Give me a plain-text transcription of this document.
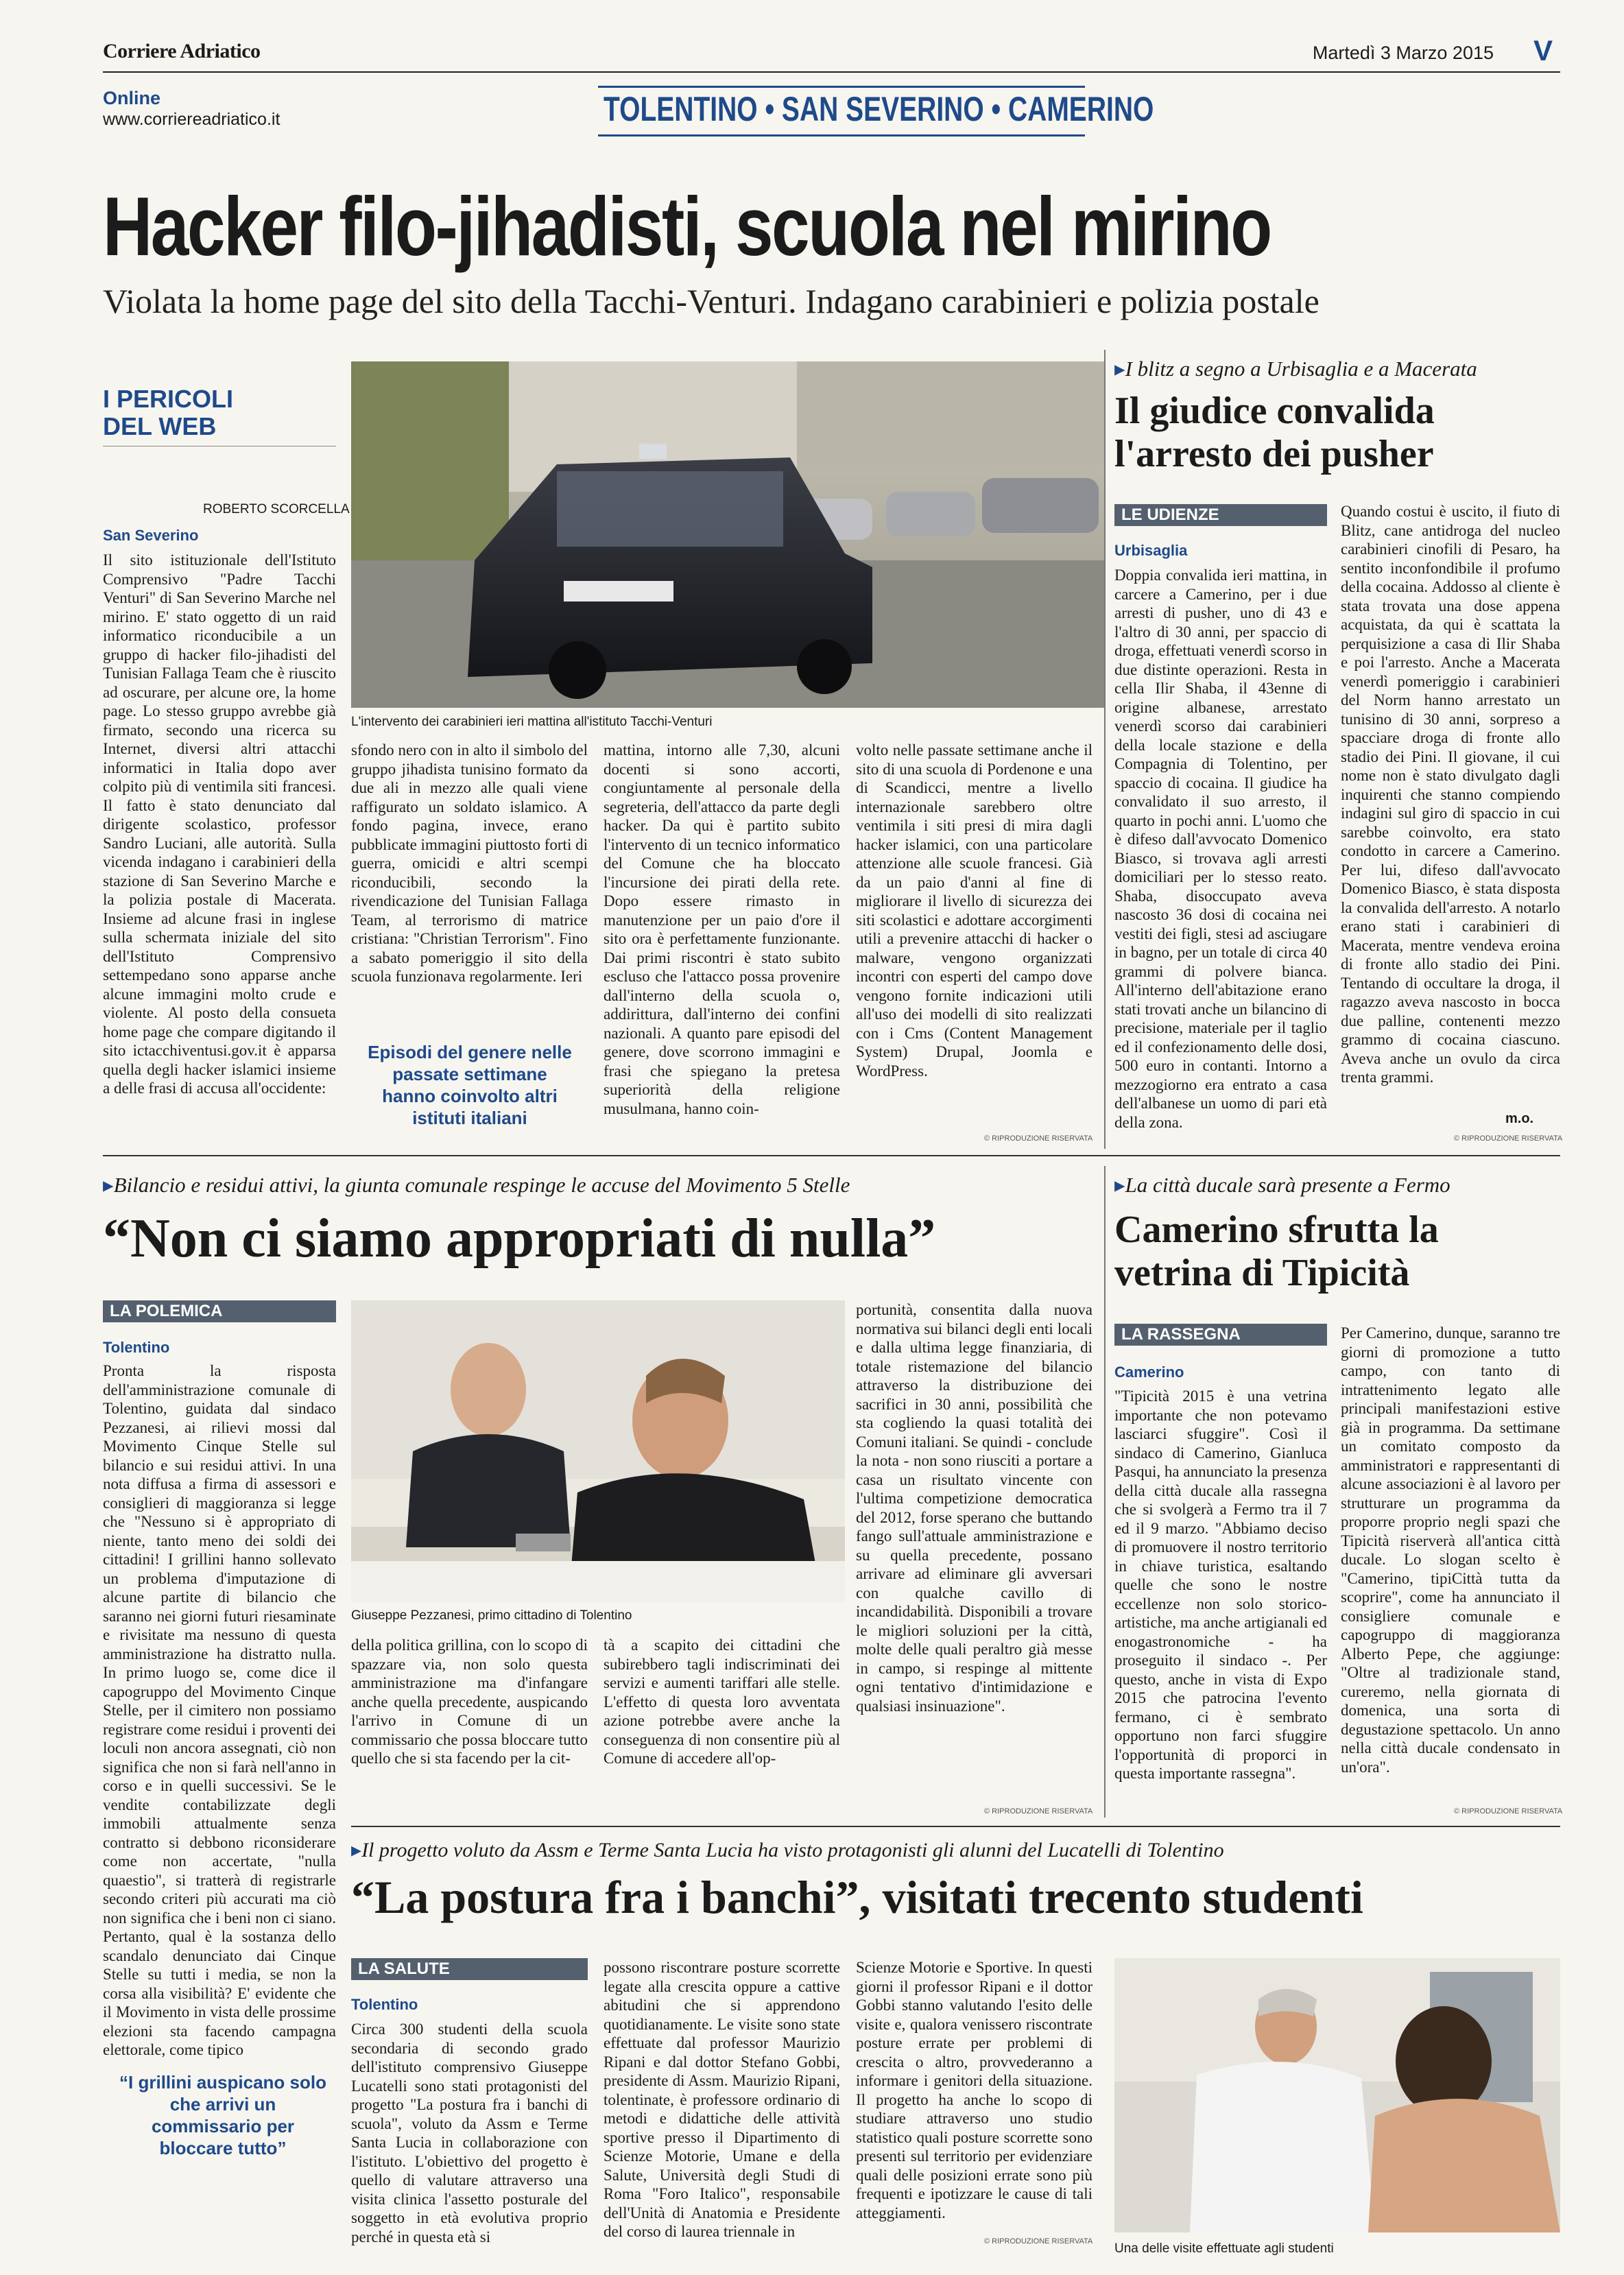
Corriere Adriatico	Martedì 3 Marzo 2015 V
Online
www.corriereadriatico.it	TOLENTINO • SAN SEVERINO • CAMERINO
Hacker filo-jihadisti, scuola nel mirino
Violata la home page del sito della Tacchi-Venturi. Indagano carabinieri e polizia postale
I PERICOLI DEL WEB
ROBERTO SCORCELLA
San Severino
Il sito istituzionale dell'Istituto Comprensivo "Padre Tacchi Venturi" di San Severino Marche nel mirino. E' stato oggetto di un raid informatico riconducibile a un gruppo di hacker filo-jihadisti del Tunisian Fallaga Team che è riuscito ad oscurare, per alcune ore, la home page. Lo stesso gruppo avrebbe già firmato, secondo una ricerca su Internet, diversi altri attacchi informatici in Italia dopo aver colpito più di ventimila siti francesi. Il fatto è stato denunciato dal dirigente scolastico, professor Sandro Luciani, alle autorità. Sulla vicenda indagano i carabinieri della stazione di San Severino Marche e la polizia postale di Macerata. Insieme ad alcune frasi in inglese sulla schermata iniziale del sito dell'Istituto Comprensivo settempedano sono apparse anche alcune immagini molto crude e violente. Al posto della consueta home page che compare digitando il sito ictacchiventusi.gov.it è apparsa quella degli hacker islamici insieme a delle frasi di accusa all'occidente:
L'intervento dei carabinieri ieri mattina all'istituto Tacchi-Venturi
sfondo nero con in alto il simbolo del gruppo jihadista tunisino formato da due ali in mezzo alle quali viene raffigurato un soldato islamico. A fondo pagina, invece, erano pubblicate immagini piuttosto forti di guerra, omicidi e altri scempi riconducibili, secondo la rivendicazione del Tunisian Fallaga Team, al terrorismo di matrice cristiana: "Christian Terrorism". Fino a sabato pomeriggio il sito della scuola funzionava regolarmente. Ieri
Episodi del genere nelle passate settimane hanno coinvolto altri istituti italiani
mattina, intorno alle 7,30, alcuni docenti si sono accorti, congiuntamente al personale della segreteria, dell'attacco da parte degli hacker. Da qui è partito subito l'intervento di un tecnico informatico del Comune che ha bloccato l'incursione dei pirati della rete. Dopo essere rimasto in manutenzione per un paio d'ore il sito ora è perfettamente funzionante. Dai primi riscontri è stato subito escluso che l'attacco possa provenire dall'interno della scuola o, addirittura, dall'interno dei confini nazionali. A quanto pare episodi del genere, dove scorrono immagini e frasi che spiegano la pretesa superiorità della religione musulmana, hanno coin-
volto nelle passate settimane anche il sito di una scuola di Pordenone e una di Scandicci, mentre a livello internazionale sarebbero oltre ventimila i siti presi di mira dagli hacker islamici, con una particolare attenzione alle scuole francesi. Già da un paio d'anni al fine di migliorare il livello di sicurezza dei siti scolastici e adottare accorgimenti utili a prevenire attacchi di hacker o malware, vengono organizzati incontri con esperti del campo dove vengono fornite indicazioni utili all'uso dei modelli di sito realizzati con i Cms (Content Management System) Drupal, Joomla e WordPress.
© RIPRODUZIONE RISERVATA
▸ I blitz a segno a Urbisaglia e a Macerata
Il giudice convalida l'arresto dei pusher
LE UDIENZE
Urbisaglia
Doppia convalida ieri mattina, in carcere a Camerino, per i due arresti di pusher, uno di 43 e l'altro di 30 anni, per spaccio di droga, effettuati venerdì scorso in due distinte operazioni. Resta in cella Ilir Shaba, il 43enne di origine albanese, arrestato venerdì scorso dai carabinieri della locale stazione e della Compagnia di Tolentino, per spaccio di cocaina. Il giudice ha convalidato il suo arresto, il quarto in pochi anni. L'uomo che è difeso dall'avvocato Domenico Biasco, si trovava agli arresti domiciliari per lo stesso reato. Shaba, disoccupato aveva nascosto 36 dosi di cocaina nei vestiti dei figli, stesi ad asciugare in bagno, per un totale di circa 40 grammi di polvere bianca. All'interno dell'abitazione erano stati trovati anche un bilancino di precisione, materiale per il taglio ed il confezionamento delle dosi, 500 euro in contanti. Intorno a mezzogiorno era entrato a casa dell'albanese un uomo di pari età della zona.
Quando costui è uscito, il fiuto di Blitz, cane antidroga del nucleo carabinieri cinofili di Pesaro, ha sentito inconfondibile il profumo della cocaina. Addosso al cliente è stata trovata una dose appena acquistata, da qui è scattata la perquisizione a casa di Ilir Shaba e poi l'arresto. Anche a Macerata venerdì pomeriggio i carabinieri del Norm hanno arrestato un tunisino di 30 anni, sorpreso a spacciare droga di fronte allo stadio dei Pini. Il giovane, il cui nome non è stato divulgato dagli inquirenti che stanno compiendo indagini sul giro di spaccio in cui sarebbe coinvolto, era stato condotto in carcere a Camerino. Per lui, difeso dall'avvocato Domenico Biasco, è stata disposta la convalida dell'arresto. A notarlo erano stati i carabinieri di Macerata, mentre vendeva eroina di fronte allo stadio dei Pini. Tentando di occultare la droga, il ragazzo aveva nascosto in bocca due palline, contenenti mezzo grammo di cocaina ciascuno. Aveva anche un ovulo da circa trenta grammi.
m.o.
© RIPRODUZIONE RISERVATA
▸ Bilancio e residui attivi, la giunta comunale respinge le accuse del Movimento 5 Stelle
“Non ci siamo appropriati di nulla”
LA POLEMICA
Tolentino
Pronta la risposta dell'amministrazione comunale di Tolentino, guidata dal sindaco Pezzanesi, ai rilievi mossi dal Movimento Cinque Stelle sul bilancio e sui residui attivi. In una nota diffusa a firma di assessori e consiglieri di maggioranza si legge che "Nessuno si è appropriato di niente, tanto meno dei soldi dei cittadini! I grillini hanno sollevato un problema d'imputazione di alcune partite di bilancio che saranno nei giorni futuri riesaminate e rivisitate ma nessuno di questa amministrazione ha distratto nulla. In primo luogo se, come dice il capogruppo del Movimento Cinque Stelle, per il cimitero non possiamo registrare come residui i proventi dei loculi non ancora assegnati, ciò non significa che non si farà nell'anno in corso e in quelli successivi. Se le vendite contabilizzate degli immobili attualmente senza contratto si debbono riconsiderare come non accertate, "nulla quaestio", si tratterà di registrarle secondo criteri più accurati ma ciò non significa che i beni non ci siano. Pertanto, qual è la sostanza dello scandalo denunciato dai Cinque Stelle su tutti i media, se non la corsa alla visibilità? E' evidente che il Movimento in vista delle prossime elezioni sta facendo campagna elettorale, come tipico
“I grillini auspicano solo che arrivi un commissario per bloccare tutto”
Giuseppe Pezzanesi, primo cittadino di Tolentino
della politica grillina, con lo scopo di spazzare via, non solo questa amministrazione ma d'infangare anche quella precedente, auspicando l'arrivo in Comune di un commissario che possa bloccare tutto quello che si sta facendo per la cit-
tà a scapito dei cittadini che subirebbero tagli indiscriminati dei servizi e aumenti tariffari alle stelle. L'effetto di questa loro avventata azione potrebbe avere anche la conseguenza di non consentire più al Comune di accedere all'op-
portunità, consentita dalla nuova normativa sui bilanci degli enti locali e dalla ultima legge finanziaria, di totale ristemazione del bilancio attraverso la distribuzione dei sacrifici in 30 anni, possibilità che sta cogliendo la quasi totalità dei Comuni italiani. Se quindi - conclude la nota - non sono riusciti a portare a casa un risultato vincente con l'ultima competizione democratica del 2012, forse sperano che buttando fango sull'attuale amministrazione e su quella precedente, possano arrivare ad eliminare gli avversari con qualche cavillo di incandidabilità. Disponibili a trovare le migliori soluzioni per la città, molte delle quali peraltro già messe in campo, si respinge al mittente ogni tentativo d'intimidazione e qualsiasi insinuazione".
© RIPRODUZIONE RISERVATA
▸ La città ducale sarà presente a Fermo
Camerino sfrutta la vetrina di Tipicità
LA RASSEGNA
Camerino
"Tipicità 2015 è una vetrina importante che non potevamo lasciarci sfuggire". Così il sindaco di Camerino, Gianluca Pasqui, ha annunciato la presenza della città ducale alla rassegna che si svolgerà a Fermo tra il 7 ed il 9 marzo. "Abbiamo deciso di promuovere il nostro territorio in chiave turistica, esaltando quelle che sono le nostre eccellenze non solo storico-artistiche, ma anche artigianali ed enogastronomiche - ha proseguito il sindaco -. Per questo, anche in vista di Expo 2015 che patrocina l'evento fermano, ci è sembrato opportuno non farci sfuggire l'opportunità di proporci in questa importante rassegna".
Per Camerino, dunque, saranno tre giorni di promozione a tutto campo, con tanto di intrattenimento legato alle principali manifestazioni estive già in programma. Da settimane un comitato composto da amministratori e rappresentanti di alcune associazioni è al lavoro per strutturare un programma da proporre proprio negli spazi che Tipicità riserverà all'antica città ducale. Lo slogan scelto è "Camerino, tipiCittà tutta da scoprire", come ha annunciato il consigliere comunale e capogruppo di maggioranza Alberto Pepe, che aggiunge: "Oltre al tradizionale stand, cureremo, nella giornata di domenica, una sorta di degustazione spettacolo. Un anno nella città ducale condensato in un'ora".
© RIPRODUZIONE RISERVATA
▸ Il progetto voluto da Assm e Terme Santa Lucia ha visto protagonisti gli alunni del Lucatelli di Tolentino
“La postura fra i banchi”, visitati trecento studenti
LA SALUTE
Tolentino
Circa 300 studenti della scuola secondaria di secondo grado dell'istituto comprensivo Giuseppe Lucatelli sono stati protagonisti del progetto "La postura fra i banchi di scuola", voluto da Assm e Terme Santa Lucia in collaborazione con l'istituto. L'obiettivo del progetto è quello di valutare attraverso una visita clinica l'assetto posturale del soggetto in età evolutiva proprio perché in questa età si
possono riscontrare posture scorrette legate alla crescita oppure a cattive abitudini che si apprendono quotidianamente. Le visite sono state effettuate dal professor Maurizio Ripani e dal dottor Stefano Gobbi, presidente di Assm. Maurizio Ripani, tolentinate, è professore ordinario di metodi e didattiche delle attività sportive presso il Dipartimento di Scienze Motorie, Umane e della Salute, Università degli Studi di Roma "Foro Italico", responsabile dell'Unità di Anatomia e Presidente del corso di laurea triennale in
Scienze Motorie e Sportive. In questi giorni il professor Ripani e il dottor Gobbi stanno valutando l'esito delle visite e, qualora venissero riscontrate posture errate per problemi di crescita o altro, provvederanno a informare i genitori della situazione. Il progetto ha anche lo scopo di studiare attraverso uno studio statistico quali posture scorrette sono presenti sul territorio per evidenziare quali delle posizioni errate sono più frequenti e ipotizzare le cause di tali atteggiamenti.
© RIPRODUZIONE RISERVATA Una delle visite effettuate agli studenti
